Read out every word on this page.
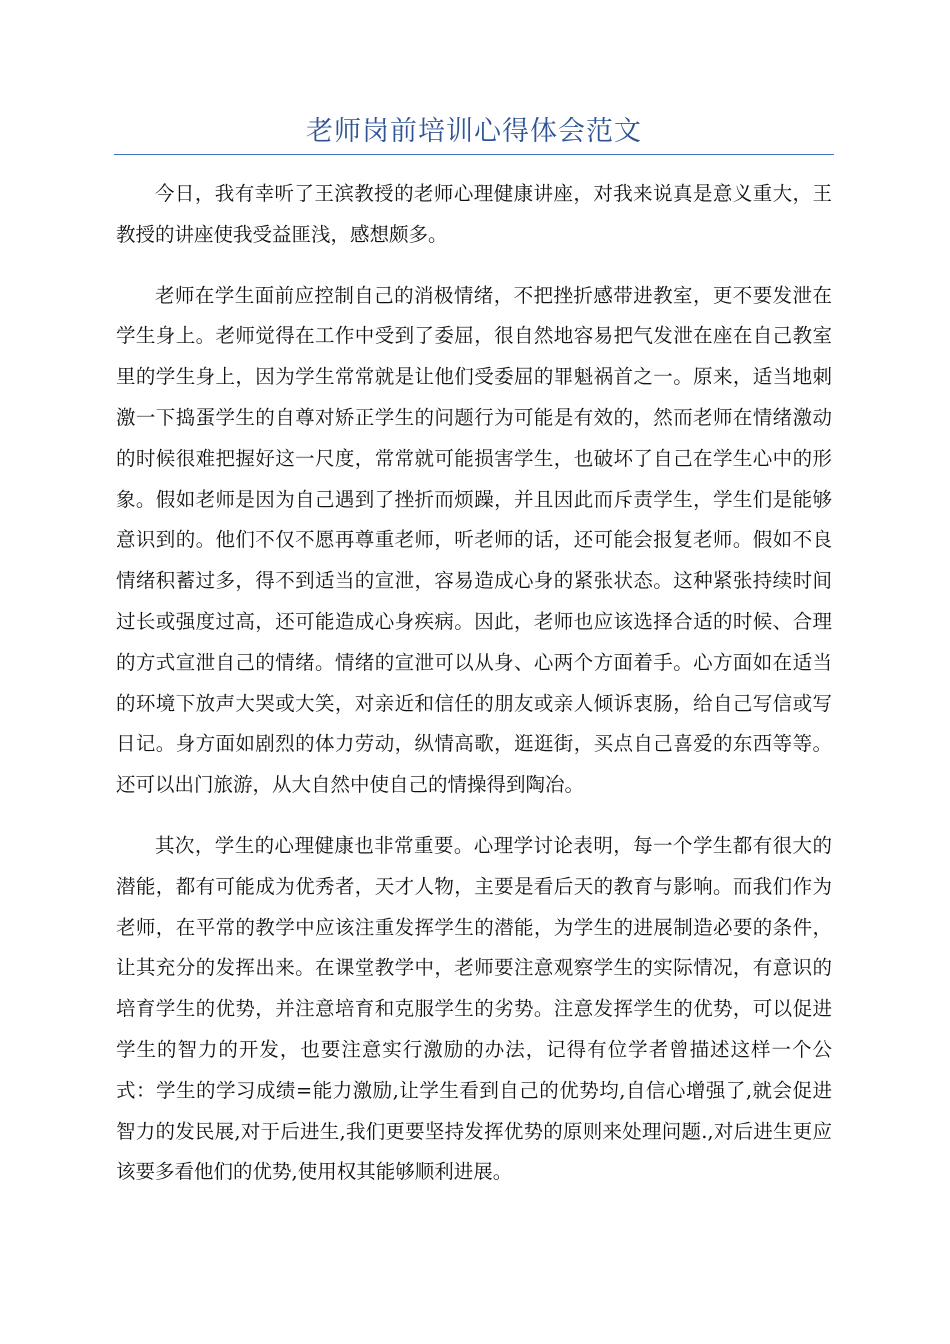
老师岗前培训心得体会范文

今日，我有幸听了王滨教授的老师心理健康讲座，对我来说真是意义重大，王教授的讲座使我受益匪浅，感想颇多。

老师在学生面前应控制自己的消极情绪，不把挫折感带进教室，更不要发泄在学生身上。老师觉得在工作中受到了委屈，很自然地容易把气发泄在座在自己教室里的学生身上，因为学生常常就是让他们受委屈的罪魁祸首之一。原来，适当地刺激一下捣蛋学生的自尊对矫正学生的问题行为可能是有效的，然而老师在情绪激动的时候很难把握好这一尺度，常常就可能损害学生，也破坏了自己在学生心中的形象。假如老师是因为自己遇到了挫折而烦躁，并且因此而斥责学生，学生们是能够意识到的。他们不仅不愿再尊重老师，听老师的话，还可能会报复老师。假如不良情绪积蓄过多，得不到适当的宣泄，容易造成心身的紧张状态。这种紧张持续时间过长或强度过高，还可能造成心身疾病。因此，老师也应该选择合适的时候、合理的方式宣泄自己的情绪。情绪的宣泄可以从身、心两个方面着手。心方面如在适当的环境下放声大哭或大笑，对亲近和信任的朋友或亲人倾诉衷肠，给自己写信或写日记。身方面如剧烈的体力劳动，纵情高歌，逛逛街，买点自己喜爱的东西等等。还可以出门旅游，从大自然中使自己的情操得到陶冶。

其次，学生的心理健康也非常重要。心理学讨论表明，每一个学生都有很大的潜能，都有可能成为优秀者，天才人物，主要是看后天的教育与影响。而我们作为老师，在平常的教学中应该注重发挥学生的潜能，为学生的进展制造必要的条件，让其充分的发挥出来。在课堂教学中，老师要注意观察学生的实际情况，有意识的培育学生的优势，并注意培育和克服学生的劣势。注意发挥学生的优势，可以促进学生的智力的开发，也要注意实行激励的办法，记得有位学者曾描述这样一个公式：学生的学习成绩=能力激励,让学生看到自己的优势均,自信心增强了,就会促进智力的发民展,对于后进生,我们更要坚持发挥优势的原则来处理问题.,对后进生更应该要多看他们的优势,使用权其能够顺利进展。
